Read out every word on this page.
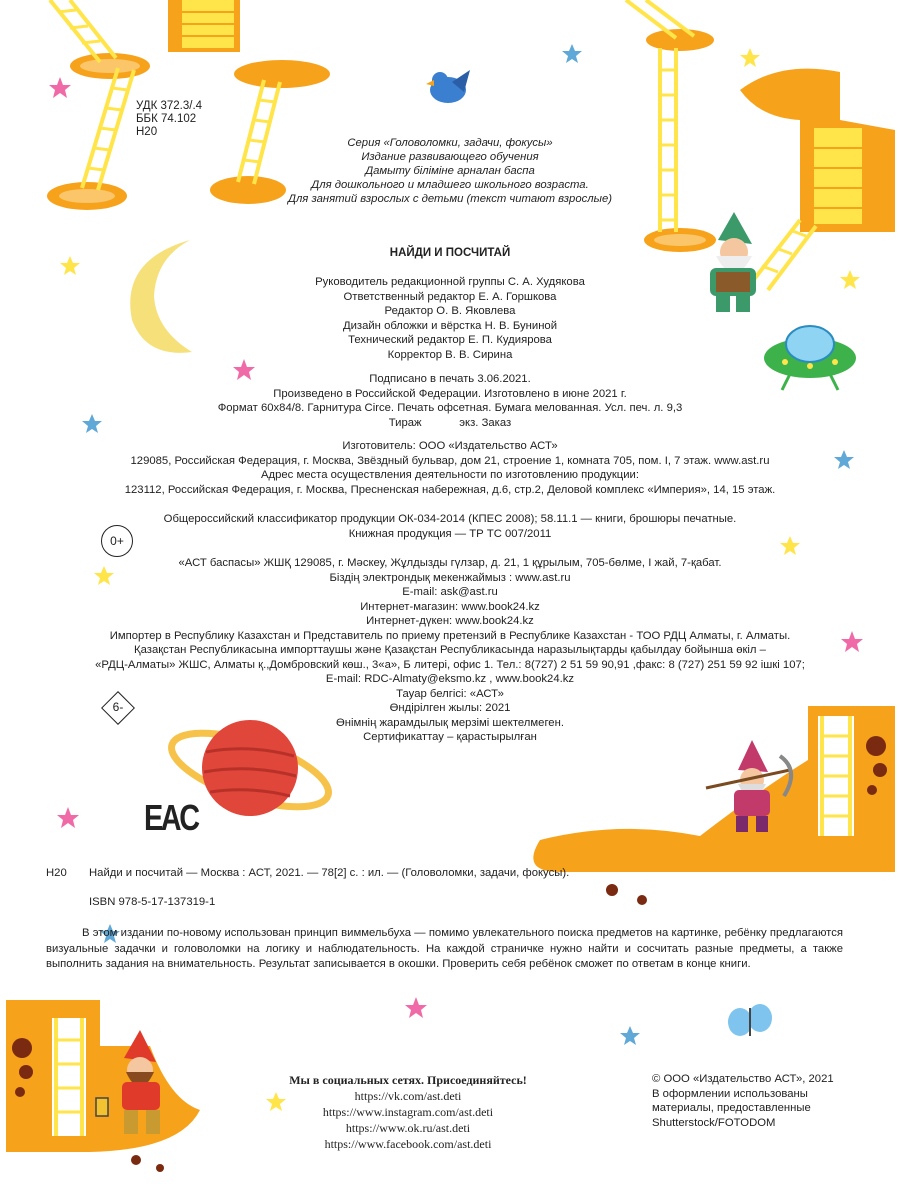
УДК 372.3/.4
ББК 74.102
Н20
Серия «Головоломки, задачи, фокусы»
Издание развивающего обучения
Дамыту біліміне арналан баспа
Для дошкольного и младшего школьного возраста.
Для занятий взрослых с детьми (текст читают взрослые)
НАЙДИ И ПОСЧИТАЙ
Руководитель редакционной группы С. А. Худякова
Ответственный редактор Е. А. Горшкова
Редактор О. В. Яковлева
Дизайн обложки и вёрстка Н. В. Буниной
Технический редактор Е. П. Кудиярова
Корректор В. В. Сирина
Подписано в печать 3.06.2021.
Произведено в Российской Федерации. Изготовлено в июне 2021 г.
Формат 60х84/8. Гарнитура Circe. Печать офсетная. Бумага мелованная. Усл. печ. л. 9,3
Тираж            экз. Заказ
Изготовитель: ООО «Издательство АСТ»
129085, Российская Федерация, г. Москва, Звёздный бульвар, дом 21, строение 1, комната 705, пом. I, 7 этаж. www.ast.ru
Адрес места осуществления деятельности по изготовлению продукции:
123112, Российская Федерация, г. Москва, Пресненская набережная, д.6, стр.2, Деловой комплекс «Империя», 14, 15 этаж.
Общероссийский классификатор продукции ОК-034-2014 (КПЕС 2008); 58.11.1 — книги, брошюры печатные.
Книжная продукция — ТР ТС 007/2011
0+
«АСТ баспасы» ЖШҚ 129085, г. Мәскеу, Жұлдызды гүлзар, д. 21, 1 құрылым, 705-бөлме, I жай, 7-қабат.
Біздің электрондық мекенжаймыз : www.ast.ru
E-mail: ask@ast.ru
Интернет-магазин: www.book24.kz
Интернет-дүкен: www.book24.kz
Импортер в Республику Казахстан и Представитель по приему претензий в Республике Казахстан - ТОО РДЦ Алматы, г. Алматы.
Қазақстан Республикасына импорттаушы және Қазақстан Республикасында наразылықтарды қабылдау бойынша өкіл –
«РДЦ-Алматы» ЖШС, Алматы қ.,Домбровский көш., 3«а», Б литері, офис 1. Тел.: 8(727) 2 51 59 90,91 ,факс: 8 (727) 251 59 92 ішкі 107;
E-mail: RDC-Almaty@eksmo.kz , www.book24.kz
Тауар белгісі: «АСТ»
Өндірілген жылы: 2021
Өнімнің жарамдылық мерзімі шектелмеген.
Сертификаттау – қарастырылған
6-
EAC
Н20 Найди и посчитай — Москва : АСТ, 2021. — 78[2] с. : ил. — (Головоломки, задачи, фокусы).
ISBN 978-5-17-137319-1
В этом издании по-новому использован принцип виммельбуха — помимо увлекательного поиска предметов на картинке, ребёнку предлагаются визуальные задачки и головоломки на логику и наблюдательность. На каждой страничке нужно найти и сосчитать разные предметы, а также выполнить задания на внимательность. Результат записывается в окошки. Проверить себя ребёнок сможет по ответам в конце книги.
Мы в социальных сетях. Присоединяйтесь!
https://vk.com/ast.deti
https://www.instagram.com/ast.deti
https://www.ok.ru/ast.deti
https://www.facebook.com/ast.deti
© ООО «Издательство АСТ», 2021
В оформлении использованы
материалы, предоставленные
Shutterstock/FOTODOM
